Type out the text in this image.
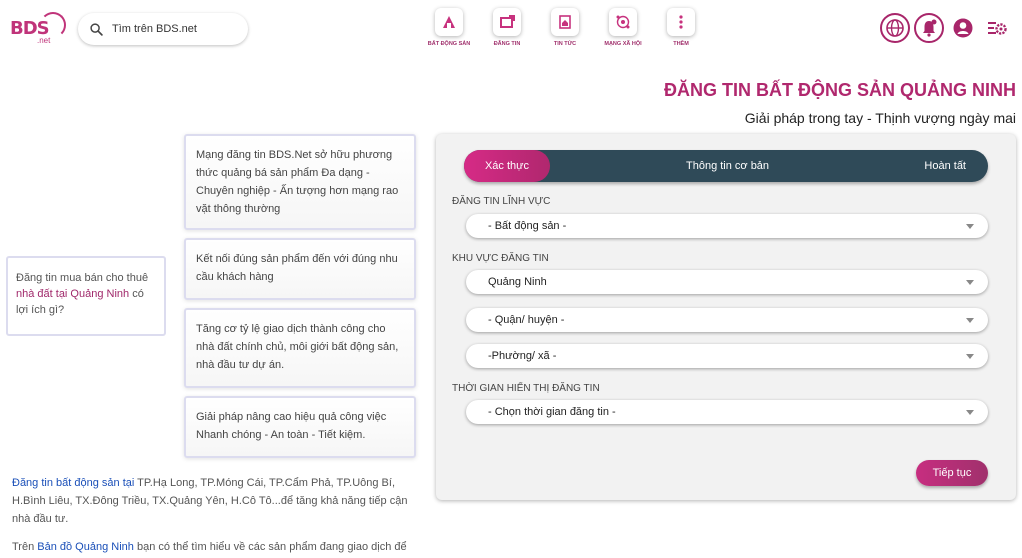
BDS
.net
Tìm trên BDS.net	BẤT ĐỘNG SẢN	ĐĂNG TIN	TIN TỨC	MẠNG XÃ HỘI	THÊM
ĐĂNG TIN BẤT ĐỘNG SẢN QUẢNG NINH
Giải pháp trong tay - Thịnh vượng ngày mai
Đăng tin mua bán cho thuê nhà đất tại Quảng Ninh có lợi ích gì?
Mạng đăng tin BDS.Net sở hữu phương thức quảng bá sản phẩm Đa dạng - Chuyên nghiệp - Ấn tượng hơn mạng rao vặt thông thường
Kết nối đúng sản phẩm đến với đúng nhu cầu khách hàng
Tăng cơ tỷ lệ giao dịch thành công cho nhà đất chính chủ, môi giới bất động sản, nhà đầu tư dự án.
Giải pháp nâng cao hiệu quả công việc Nhanh chóng - An toàn - Tiết kiệm.
Đăng tin bất động sản tại TP.Hạ Long, TP.Móng Cái, TP.Cẩm Phả, TP.Uông Bí, H.Bình Liêu, TX.Đông Triều, TX.Quảng Yên, H.Cô Tô...để tăng khả năng tiếp cận nhà đầu tư.
Trên Bản đồ Quảng Ninh bạn có thể tìm hiểu về các sản phẩm đang giao dịch để
Xác thực	Thông tin cơ bản	Hoàn tất
ĐĂNG TIN LĨNH VỰC
- Bất động sản -
KHU VỰC ĐĂNG TIN
Quảng Ninh
- Quận/ huyện -
-Phường/ xã -
THỜI GIAN HIỂN THỊ ĐĂNG TIN
- Chọn thời gian đăng tin -
Tiếp tục
